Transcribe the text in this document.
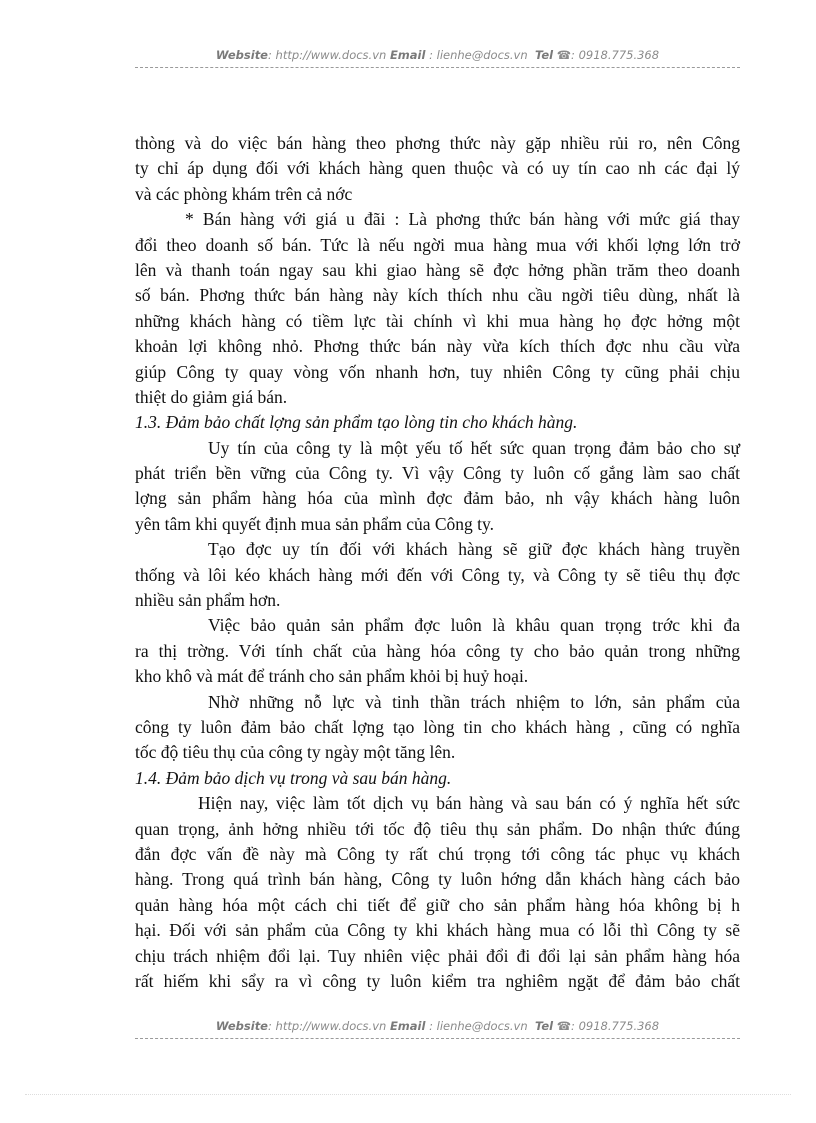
Website: http://www.docs.vn Email : lienhe@docs.vn Tel ☎: 0918.775.368
thòng và do việc bán hàng theo phơng thức này gặp nhiều rủi ro, nên Công
ty chỉ áp dụng đối với khách hàng quen thuộc và có uy tín cao nh các đại lý
và các phòng khám trên cả nớc
* Bán hàng với giá u đãi : Là phơng thức bán hàng với mức giá thay
đổi theo doanh số bán. Tức là nếu ngời mua hàng mua với khối lợng lớn trở
lên và thanh toán ngay sau khi giao hàng sẽ đợc hởng phần trăm theo doanh
số bán. Phơng thức bán hàng này kích thích nhu cầu ngời tiêu dùng, nhất là
những khách hàng có tiềm lực tài chính vì khi mua hàng họ đợc hởng một
khoản lợi không nhỏ. Phơng thức bán này vừa kích thích đợc nhu cầu vừa
giúp Công ty quay vòng vốn nhanh hơn, tuy nhiên Công ty cũng phải chịu
thiệt do giảm giá bán.
1.3. Đảm bảo chất lợng sản phẩm tạo lòng tin cho khách hàng.
Uy tín của công ty là một yếu tố hết sức quan trọng đảm bảo cho sự
phát triển bền vững của Công ty. Vì vậy Công ty luôn cố gắng làm sao chất
lợng sản phẩm hàng hóa của mình đợc đảm bảo, nh vậy khách hàng luôn
yên tâm khi quyết định mua sản phẩm của Công ty.
Tạo đợc uy tín đối với khách hàng sẽ giữ đợc khách hàng truyền
thống và lôi kéo khách hàng mới đến với Công ty, và Công ty sẽ tiêu thụ đợc
nhiều sản phẩm hơn.
Việc bảo quản sản phẩm đợc luôn là khâu quan trọng trớc khi đa
ra thị trờng. Với tính chất của hàng hóa công ty cho bảo quản trong những
kho khô và mát để tránh cho sản phẩm khỏi bị huỷ hoại.
Nhờ những nỗ lực và tinh thần trách nhiệm to lớn, sản phẩm của
công ty luôn đảm bảo chất lợng tạo lòng tin cho khách hàng , cũng có nghĩa
tốc độ tiêu thụ của công ty ngày một tăng lên.
1.4. Đảm bảo dịch vụ trong và sau bán hàng.
Hiện nay, việc làm tốt dịch vụ bán hàng và sau bán có ý nghĩa hết sức
quan trọng, ảnh hởng nhiều tới tốc độ tiêu thụ sản phẩm. Do nhận thức đúng
đắn đợc vấn đề này mà Công ty rất chú trọng tới công tác phục vụ khách
hàng. Trong quá trình bán hàng, Công ty luôn hớng dẫn khách hàng cách bảo
quản hàng hóa một cách chi tiết để giữ cho sản phẩm hàng hóa không bị h
hại. Đối với sản phẩm của Công ty khi khách hàng mua có lỗi thì Công ty sẽ
chịu trách nhiệm đổi lại. Tuy nhiên việc phải đổi đi đổi lại sản phẩm hàng hóa
rất hiếm khi sẩy ra vì công ty luôn kiểm tra nghiêm ngặt để đảm bảo chất
Website: http://www.docs.vn Email : lienhe@docs.vn Tel ☎: 0918.775.368
